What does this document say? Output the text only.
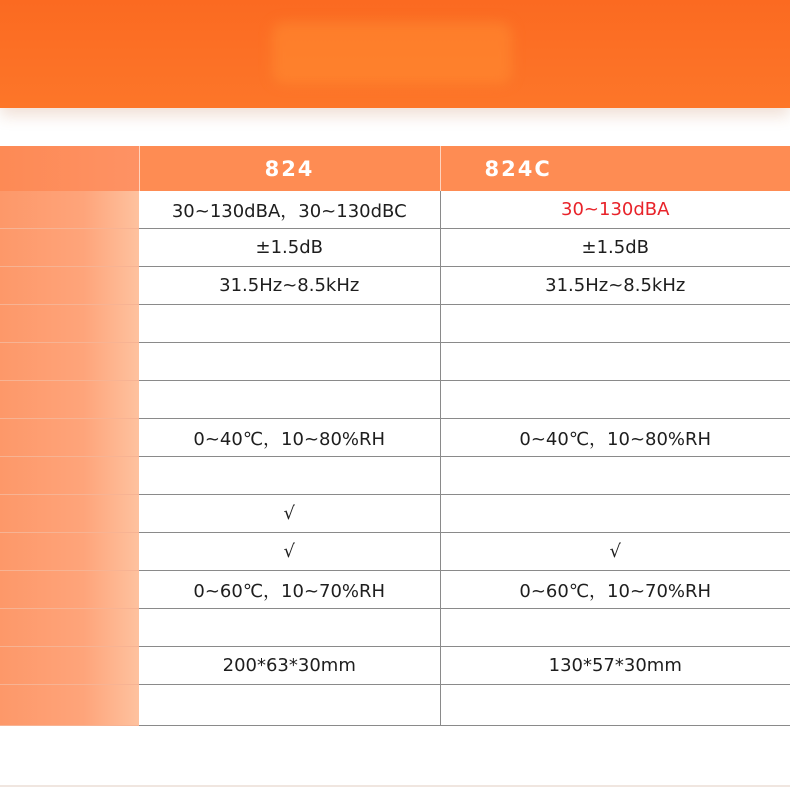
	824	824C
	30~130dBA，30~130dBC	30~130dBA
	±1.5dB	±1.5dB
	31.5Hz~8.5kHz	31.5Hz~8.5kHz

	0~40℃，10~80%RH	0~40℃，10~80%RH

	√	
	√	√
	0~60℃，10~70%RH	0~60℃，10~70%RH

	200*63*30mm	130*57*30mm
